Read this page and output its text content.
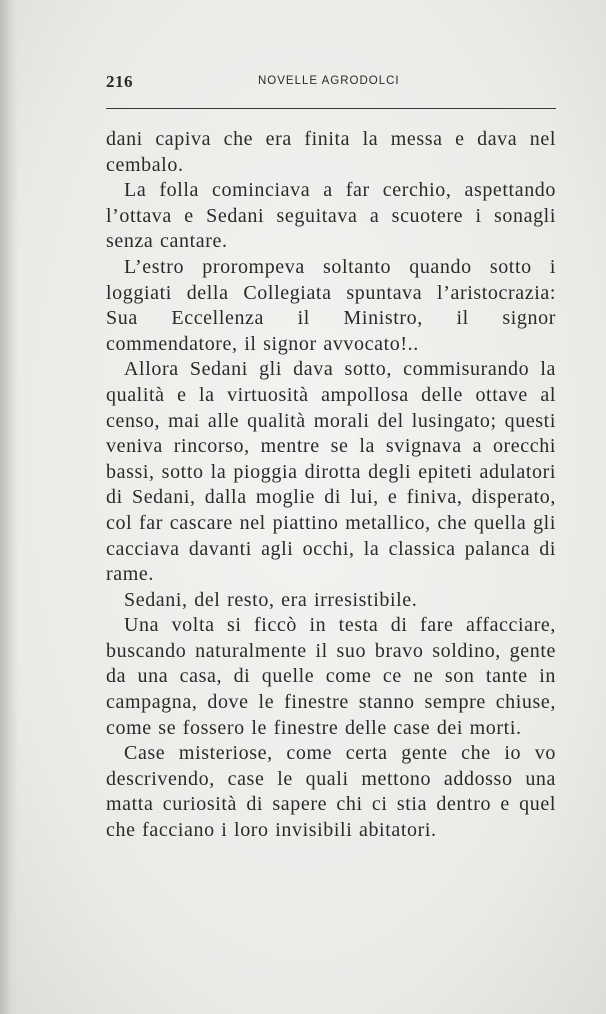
216	NOVELLE AGRODOLCI

dani capiva che era finita la messa e dava nel cembalo.

La folla cominciava a far cerchio, aspettando l’ottava e Sedani seguitava a scuotere i sonagli senza cantare.

L’estro prorompeva soltanto quando sotto i loggiati della Collegiata spuntava l’aristocrazia: Sua Eccellenza il Ministro, il signor commendatore, il signor avvocato!..

Allora Sedani gli dava sotto, commisurando la qualità e la virtuosità ampollosa delle ottave al censo, mai alle qualità morali del lusingato; questi veniva rincorso, mentre se la svignava a orecchi bassi, sotto la pioggia dirotta degli epiteti adulatori di Sedani, dalla moglie di lui, e finiva, disperato, col far cascare nel piattino metallico, che quella gli cacciava davanti agli occhi, la classica palanca di rame.

Sedani, del resto, era irresistibile.

Una volta si ficcò in testa di fare affacciare, buscando naturalmente il suo bravo soldino, gente da una casa, di quelle come ce ne son tante in campagna, dove le finestre stanno sempre chiuse, come se fossero le finestre delle case dei morti.

Case misteriose, come certa gente che io vo descrivendo, case le quali mettono addosso una matta curiosità di sapere chi ci stia dentro e quel che facciano i loro invisibili abitatori.
